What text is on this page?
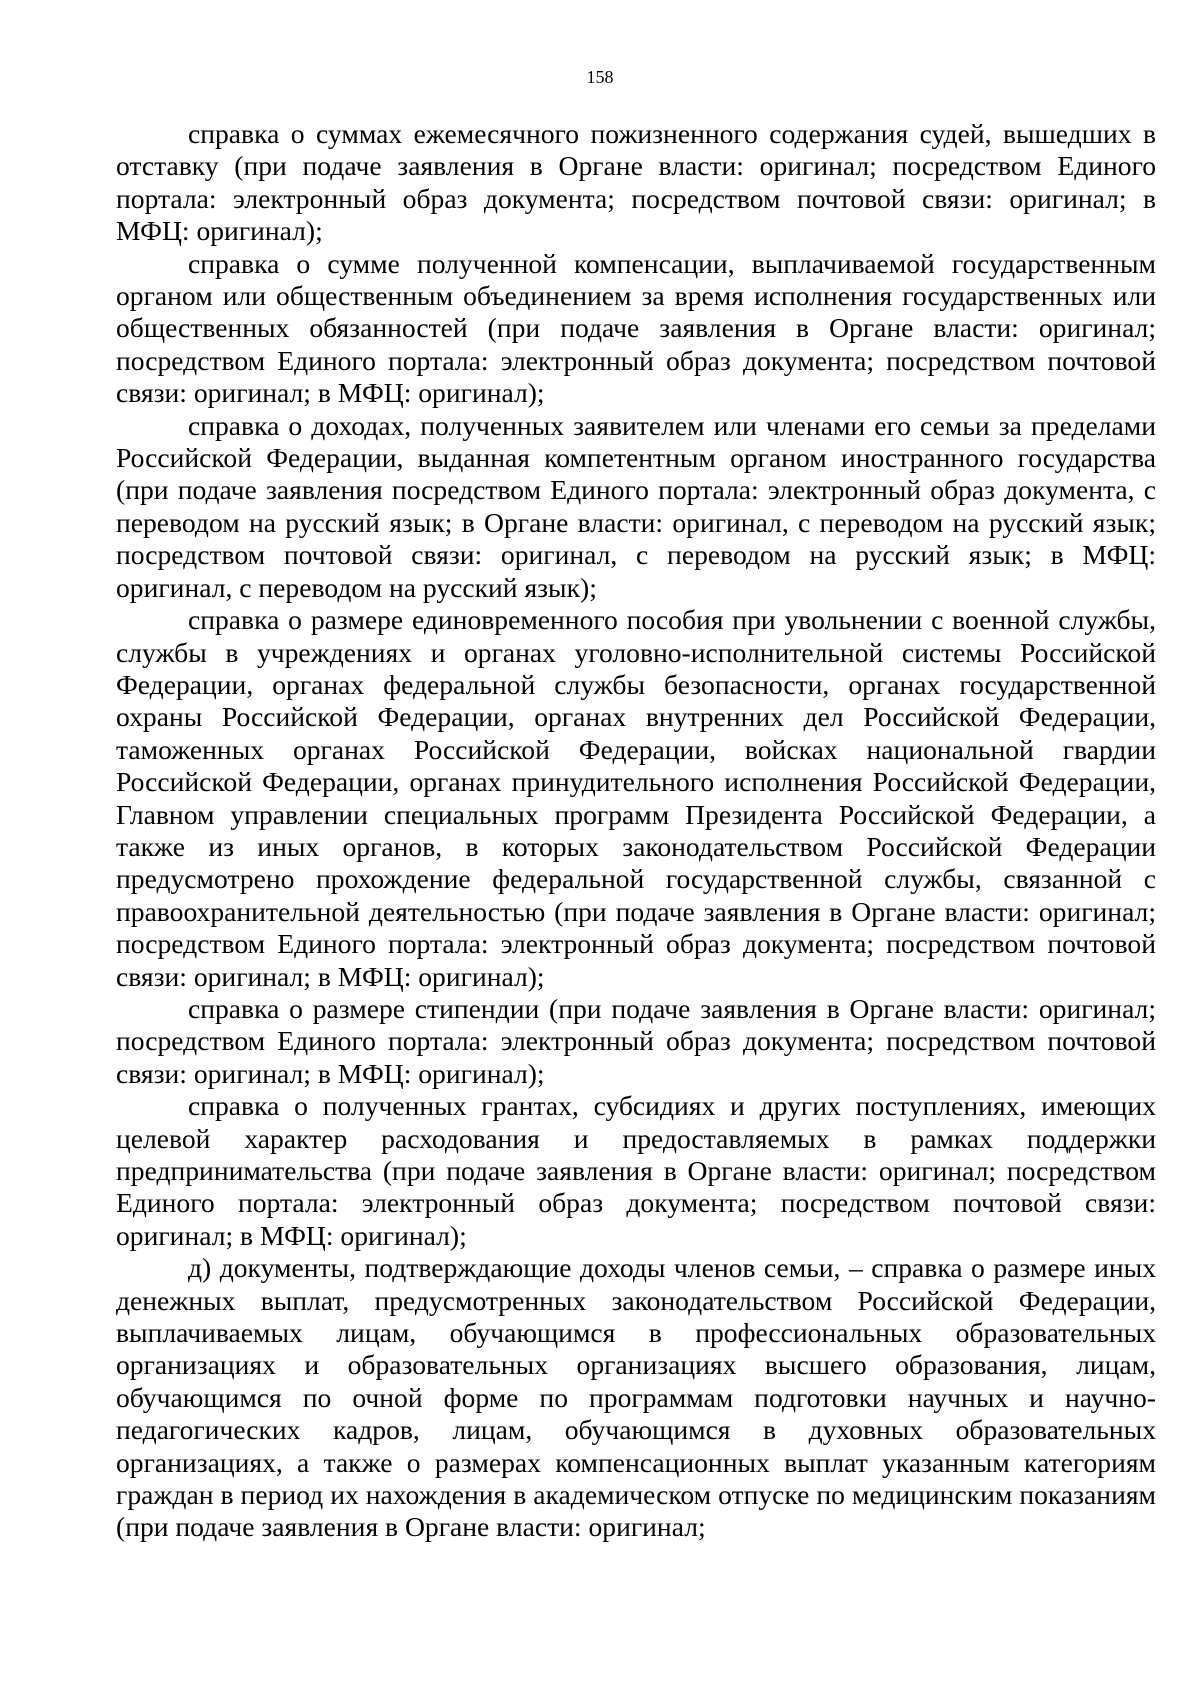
158

справка о суммах ежемесячного пожизненного содержания судей, вышедших в отставку (при подаче заявления в Органе власти: оригинал; посредством Единого портала: электронный образ документа; посредством почтовой связи: оригинал; в МФЦ: оригинал);

справка о сумме полученной компенсации, выплачиваемой государственным органом или общественным объединением за время исполнения государственных или общественных обязанностей (при подаче заявления в Органе власти: оригинал; посредством Единого портала: электронный образ документа; посредством почтовой связи: оригинал; в МФЦ: оригинал);

справка о доходах, полученных заявителем или членами его семьи за пределами Российской Федерации, выданная компетентным органом иностранного государства (при подаче заявления посредством Единого портала: электронный образ документа, с переводом на русский язык; в Органе власти: оригинал, с переводом на русский язык; посредством почтовой связи: оригинал, с переводом на русский язык; в МФЦ: оригинал, с переводом на русский язык);

справка о размере единовременного пособия при увольнении с военной службы, службы в учреждениях и органах уголовно-исполнительной системы Российской Федерации, органах федеральной службы безопасности, органах государственной охраны Российской Федерации, органах внутренних дел Российской Федерации, таможенных органах Российской Федерации, войсках национальной гвардии Российской Федерации, органах принудительного исполнения Российской Федерации, Главном управлении специальных программ Президента Российской Федерации, а также из иных органов, в которых законодательством Российской Федерации предусмотрено прохождение федеральной государственной службы, связанной с правоохранительной деятельностью (при подаче заявления в Органе власти: оригинал; посредством Единого портала: электронный образ документа; посредством почтовой связи: оригинал; в МФЦ: оригинал);

справка о размере стипендии (при подаче заявления в Органе власти: оригинал; посредством Единого портала: электронный образ документа; посредством почтовой связи: оригинал; в МФЦ: оригинал);

справка о полученных грантах, субсидиях и других поступлениях, имеющих целевой характер расходования и предоставляемых в рамках поддержки предпринимательства (при подаче заявления в Органе власти: оригинал; посредством Единого портала: электронный образ документа; посредством почтовой связи: оригинал; в МФЦ: оригинал);

д) документы, подтверждающие доходы членов семьи, – справка о размере иных денежных выплат, предусмотренных законодательством Российской Федерации, выплачиваемых лицам, обучающимся в профессиональных образовательных организациях и образовательных организациях высшего образования, лицам, обучающимся по очной форме по программам подготовки научных и научно-педагогических кадров, лицам, обучающимся в духовных образовательных организациях, а также о размерах компенсационных выплат указанным категориям граждан в период их нахождения в академическом отпуске по медицинским показаниям (при подаче заявления в Органе власти: оригинал;
